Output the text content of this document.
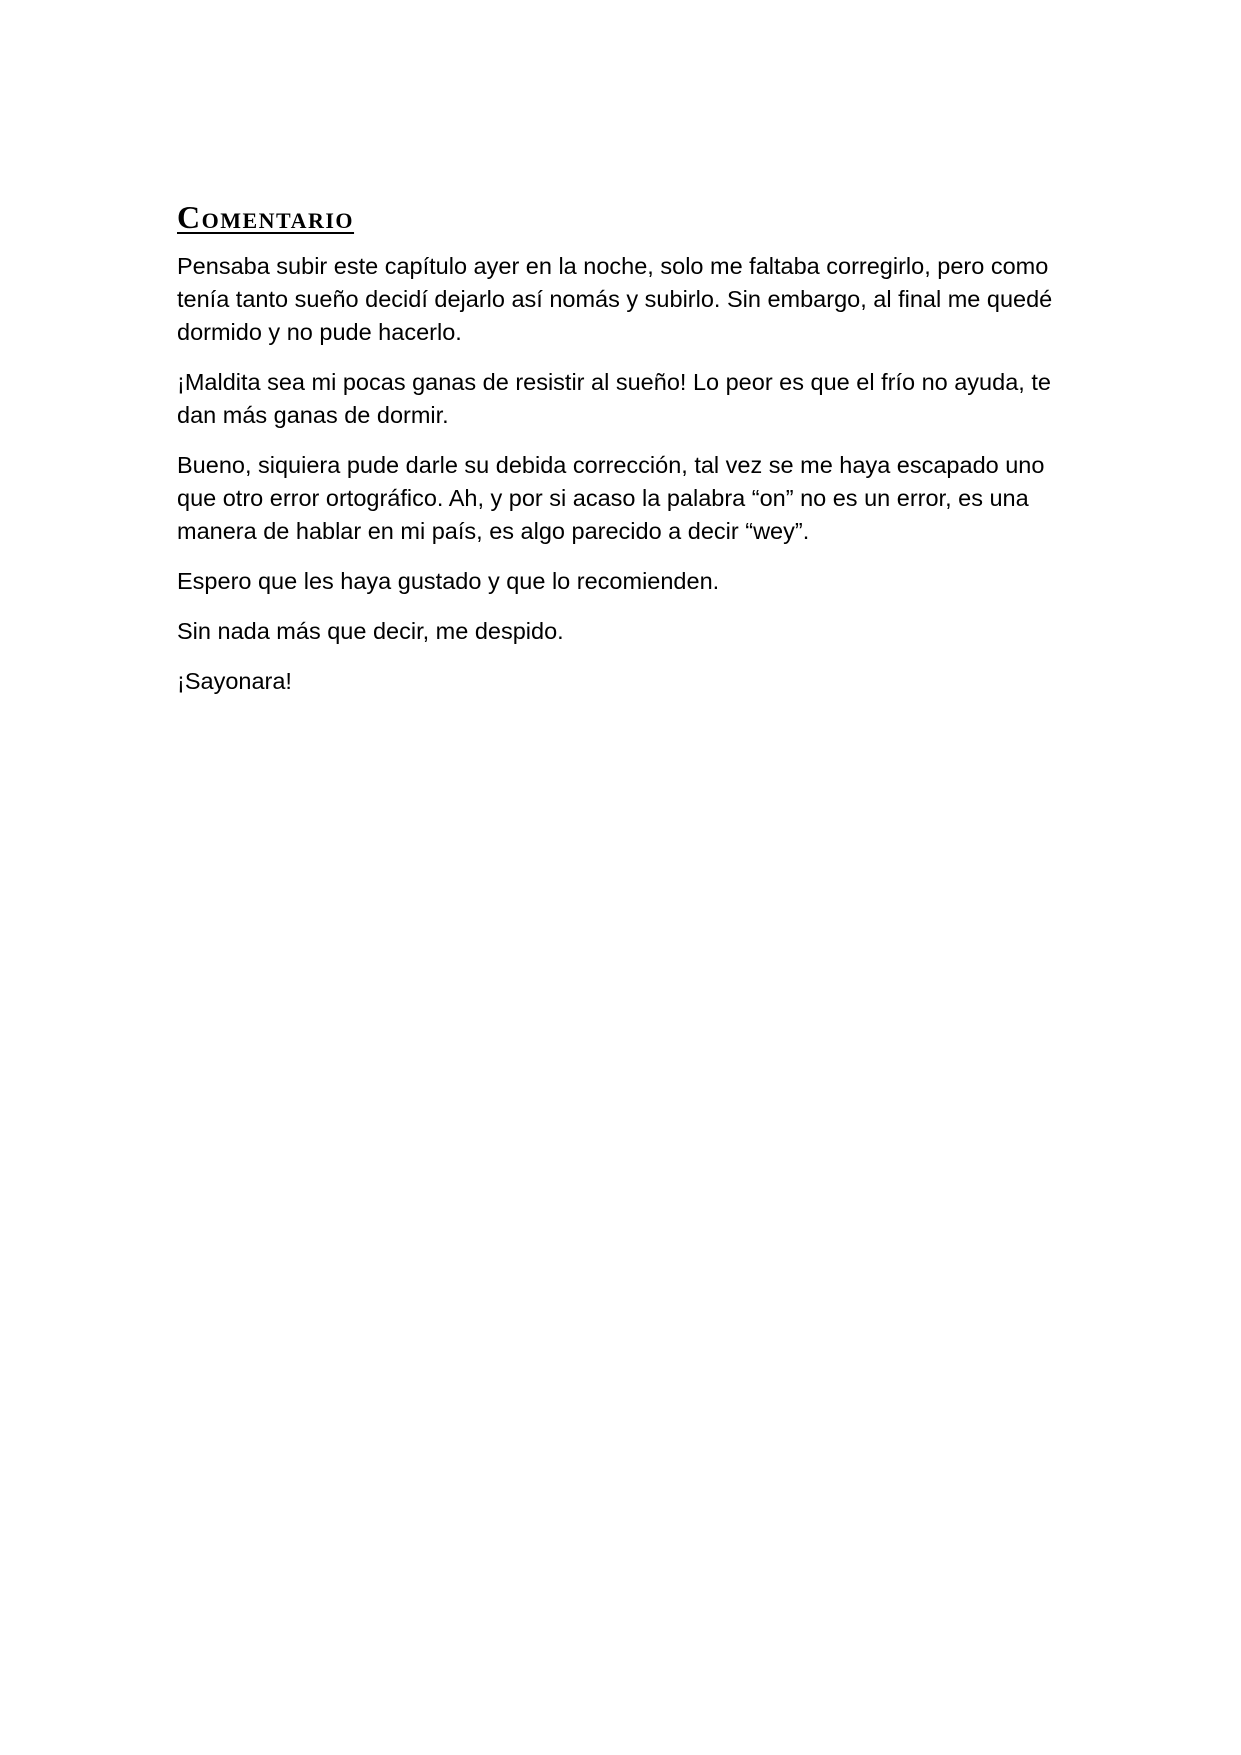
Comentario

Pensaba subir este capítulo ayer en la noche, solo me faltaba corregirlo, pero como tenía tanto sueño decidí dejarlo así nomás y subirlo. Sin embargo, al final me quedé dormido y no pude hacerlo.

¡Maldita sea mi pocas ganas de resistir al sueño! Lo peor es que el frío no ayuda, te dan más ganas de dormir.

Bueno, siquiera pude darle su debida corrección, tal vez se me haya escapado uno que otro error ortográfico. Ah, y por si acaso la palabra “on” no es un error, es una manera de hablar en mi país, es algo parecido a decir “wey”.

Espero que les haya gustado y que lo recomienden.

Sin nada más que decir, me despido.

¡Sayonara!
